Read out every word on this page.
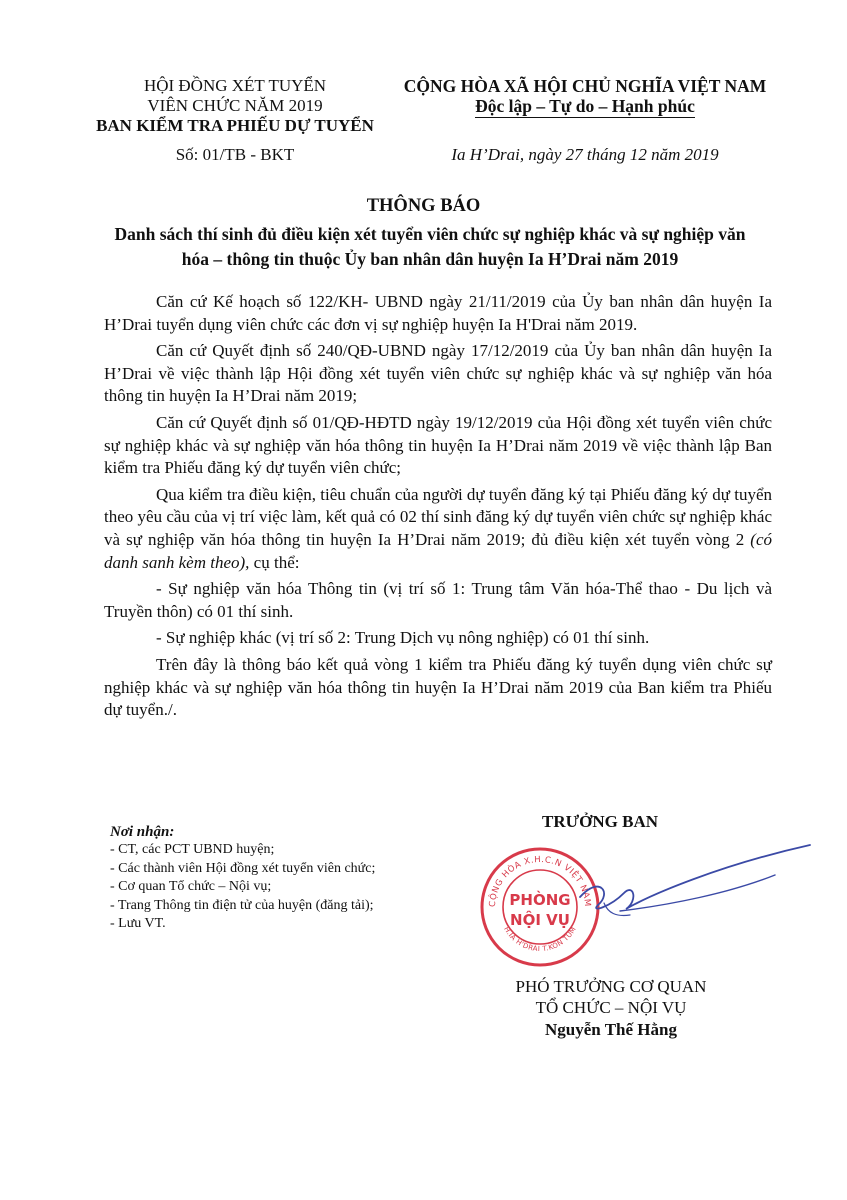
HỘI ĐỒNG XÉT TUYỂN
VIÊN CHỨC NĂM 2019
BAN KIỂM TRA PHIẾU DỰ TUYỂN
Số: 01/TB - BKT
CỘNG HÒA XÃ HỘI CHỦ NGHĨA VIỆT NAM
Độc lập – Tự do – Hạnh phúc
Ia H’Drai, ngày 27 tháng 12 năm 2019
THÔNG BÁO
Danh sách thí sinh đủ điều kiện xét tuyển viên chức sự nghiệp khác và sự nghiệp văn hóa – thông tin thuộc Ủy ban nhân dân huyện Ia H’Drai năm 2019

Căn cứ Kế hoạch số 122/KH- UBND ngày 21/11/2019 của Ủy ban nhân dân huyện Ia H’Drai tuyển dụng viên chức các đơn vị sự nghiệp huyện Ia H'Drai năm 2019.

Căn cứ Quyết định số 240/QĐ-UBND ngày 17/12/2019 của Ủy ban nhân dân huyện Ia H’Drai về việc thành lập Hội đồng xét tuyển viên chức sự nghiệp khác và sự nghiệp văn hóa thông tin huyện Ia H’Drai năm 2019;

Căn cứ Quyết định số 01/QĐ-HĐTD ngày 19/12/2019 của Hội đồng xét tuyển viên chức sự nghiệp khác và sự nghiệp văn hóa thông tin huyện Ia H’Drai năm 2019 về việc thành lập Ban kiểm tra Phiếu đăng ký dự tuyển viên chức;

Qua kiểm tra điều kiện, tiêu chuẩn của người dự tuyển đăng ký tại Phiếu đăng ký dự tuyển theo yêu cầu của vị trí việc làm, kết quả có 02 thí sinh đăng ký dự tuyển viên chức sự nghiệp khác và sự nghiệp văn hóa thông tin huyện Ia H’Drai năm 2019; đủ điều kiện xét tuyển vòng 2 (có danh sanh kèm theo), cụ thể:

- Sự nghiệp văn hóa Thông tin (vị trí số 1: Trung tâm Văn hóa-Thể thao - Du lịch và Truyền thôn) có 01 thí sinh.

- Sự nghiệp khác (vị trí số 2: Trung Dịch vụ nông nghiệp) có 01 thí sinh.

Trên đây là thông báo kết quả vòng 1 kiểm tra Phiếu đăng ký tuyển dụng viên chức sự nghiệp khác và sự nghiệp văn hóa thông tin huyện Ia H’Drai năm 2019 của Ban kiểm tra Phiếu dự tuyển./.

Nơi nhận:
- CT, các PCT UBND huyện;
- Các thành viên Hội đồng xét tuyển viên chức;
- Cơ quan Tổ chức – Nội vụ;
- Trang Thông tin điện tử của huyện (đăng tải);
- Lưu VT.
TRƯỞNG BAN
CỘNG HÒA X.H.C.N VIỆT NAM
H.IA H'DRAI T.KON TUM
PHÒNG
NỘI VỤ
PHÓ TRƯỞNG CƠ QUAN
TỔ CHỨC – NỘI VỤ
Nguyễn Thế Hằng
